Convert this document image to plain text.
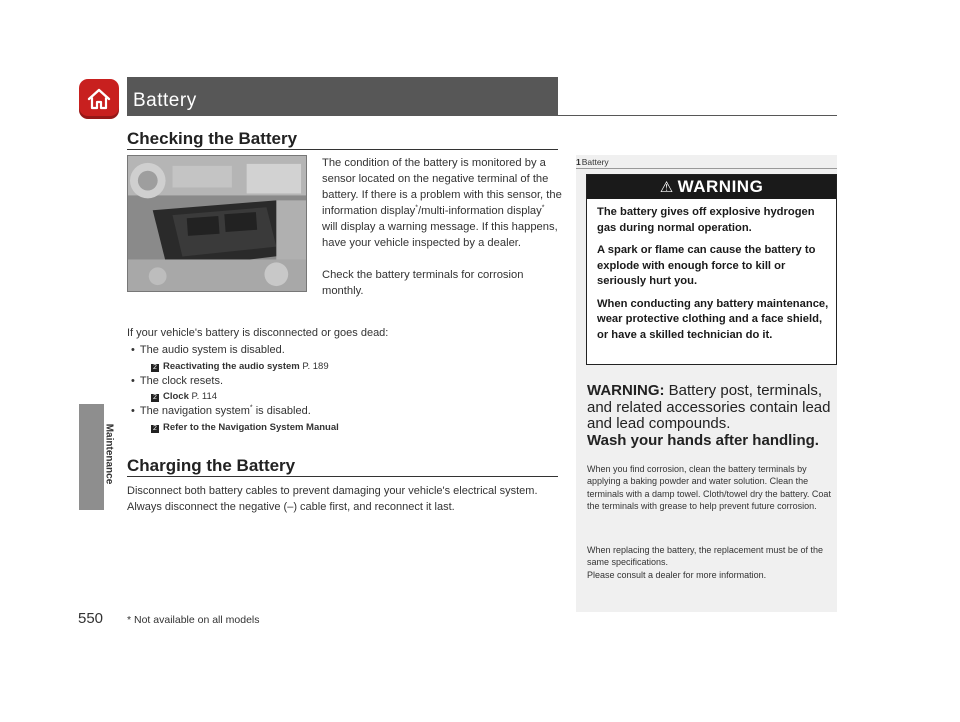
Battery
Maintenance
550
Checking the Battery

The condition of the battery is monitored by a sensor located on the negative terminal of the battery. If there is a problem with this sensor, the information display*/multi-information display* will display a warning message. If this happens, have your vehicle inspected by a dealer.

Check the battery terminals for corrosion monthly.

If your vehicle's battery is disconnected or goes dead:
• The audio system is disabled.
2 Reactivating the audio system P. 189
• The clock resets.
2 Clock P. 114
• The navigation system* is disabled.
2 Refer to the Navigation System Manual
Charging the Battery
Disconnect both battery cables to prevent damaging your vehicle's electrical system. Always disconnect the negative (–) cable first, and reconnect it last.
* Not available on all models
1Battery
⚠ WARNING

The battery gives off explosive hydrogen gas during normal operation.

A spark or flame can cause the battery to explode with enough force to kill or seriously hurt you.

When conducting any battery maintenance, wear protective clothing and a face shield, or have a skilled technician do it.

WARNING: Battery post, terminals, and related accessories contain lead and lead compounds.
Wash your hands after handling.
When you find corrosion, clean the battery terminals by applying a baking powder and water solution. Clean the terminals with a damp towel. Cloth/towel dry the battery. Coat the terminals with grease to help prevent future corrosion.
When replacing the battery, the replacement must be of the same specifications.
Please consult a dealer for more information.
